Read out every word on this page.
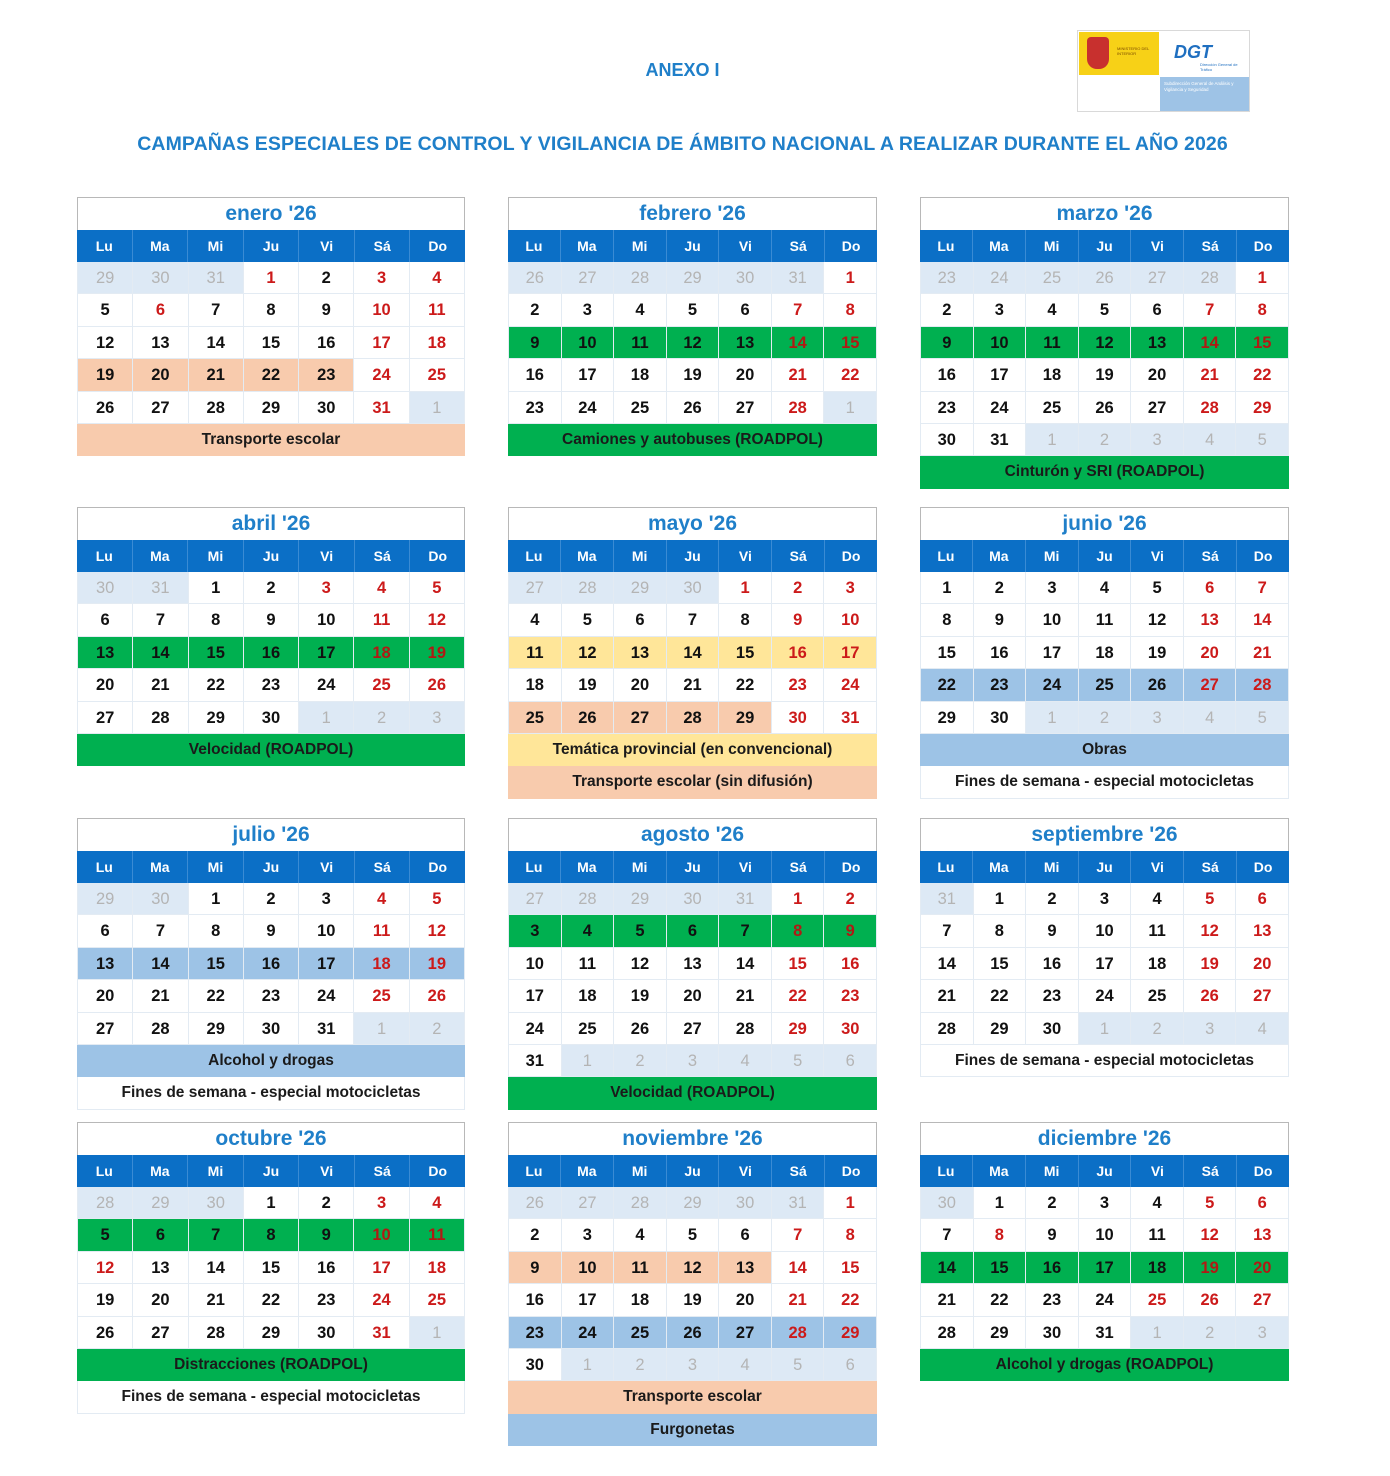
ANEXO I
CAMPAÑAS ESPECIALES DE CONTROL Y VIGILANCIA DE ÁMBITO NACIONAL A REALIZAR DURANTE EL AÑO 2026
MINISTERIO DEL INTERIOR	DGT
Dirección General de Tráfico
Subdirección General de Análisis y Vigilancia y Seguridad
enero '26
Lu	Ma	Mi	Ju	Vi	Sá	Do
29	30	31	1	2	3	4
5	6	7	8	9	10	11
12	13	14	15	16	17	18
19	20	21	22	23	24	25
26	27	28	29	30	31	1
Transporte escolar
febrero '26
Lu	Ma	Mi	Ju	Vi	Sá	Do
26	27	28	29	30	31	1
2	3	4	5	6	7	8
9	10	11	12	13	14	15
16	17	18	19	20	21	22
23	24	25	26	27	28	1
Camiones y autobuses (ROADPOL)
marzo '26
Lu	Ma	Mi	Ju	Vi	Sá	Do
23	24	25	26	27	28	1
2	3	4	5	6	7	8
9	10	11	12	13	14	15
16	17	18	19	20	21	22
23	24	25	26	27	28	29
30	31	1	2	3	4	5
Cinturón y SRI (ROADPOL)
abril '26
Lu	Ma	Mi	Ju	Vi	Sá	Do
30	31	1	2	3	4	5
6	7	8	9	10	11	12
13	14	15	16	17	18	19
20	21	22	23	24	25	26
27	28	29	30	1	2	3
Velocidad (ROADPOL)
mayo '26
Lu	Ma	Mi	Ju	Vi	Sá	Do
27	28	29	30	1	2	3
4	5	6	7	8	9	10
11	12	13	14	15	16	17
18	19	20	21	22	23	24
25	26	27	28	29	30	31
Temática provincial (en convencional)
Transporte escolar (sin difusión)
junio '26
Lu	Ma	Mi	Ju	Vi	Sá	Do
1	2	3	4	5	6	7
8	9	10	11	12	13	14
15	16	17	18	19	20	21
22	23	24	25	26	27	28
29	30	1	2	3	4	5
Obras
Fines de semana - especial motocicletas
julio '26
Lu	Ma	Mi	Ju	Vi	Sá	Do
29	30	1	2	3	4	5
6	7	8	9	10	11	12
13	14	15	16	17	18	19
20	21	22	23	24	25	26
27	28	29	30	31	1	2
Alcohol y drogas
Fines de semana - especial motocicletas
agosto '26
Lu	Ma	Mi	Ju	Vi	Sá	Do
27	28	29	30	31	1	2
3	4	5	6	7	8	9
10	11	12	13	14	15	16
17	18	19	20	21	22	23
24	25	26	27	28	29	30
31	1	2	3	4	5	6
Velocidad (ROADPOL)
septiembre '26
Lu	Ma	Mi	Ju	Vi	Sá	Do
31	1	2	3	4	5	6
7	8	9	10	11	12	13
14	15	16	17	18	19	20
21	22	23	24	25	26	27
28	29	30	1	2	3	4
Fines de semana - especial motocicletas
octubre '26
Lu	Ma	Mi	Ju	Vi	Sá	Do
28	29	30	1	2	3	4
5	6	7	8	9	10	11
12	13	14	15	16	17	18
19	20	21	22	23	24	25
26	27	28	29	30	31	1
Distracciones (ROADPOL)
Fines de semana - especial motocicletas
noviembre '26
Lu	Ma	Mi	Ju	Vi	Sá	Do
26	27	28	29	30	31	1
2	3	4	5	6	7	8
9	10	11	12	13	14	15
16	17	18	19	20	21	22
23	24	25	26	27	28	29
30	1	2	3	4	5	6
Transporte escolar
Furgonetas
diciembre '26
Lu	Ma	Mi	Ju	Vi	Sá	Do
30	1	2	3	4	5	6
7	8	9	10	11	12	13
14	15	16	17	18	19	20
21	22	23	24	25	26	27
28	29	30	31	1	2	3
Alcohol y drogas (ROADPOL)
